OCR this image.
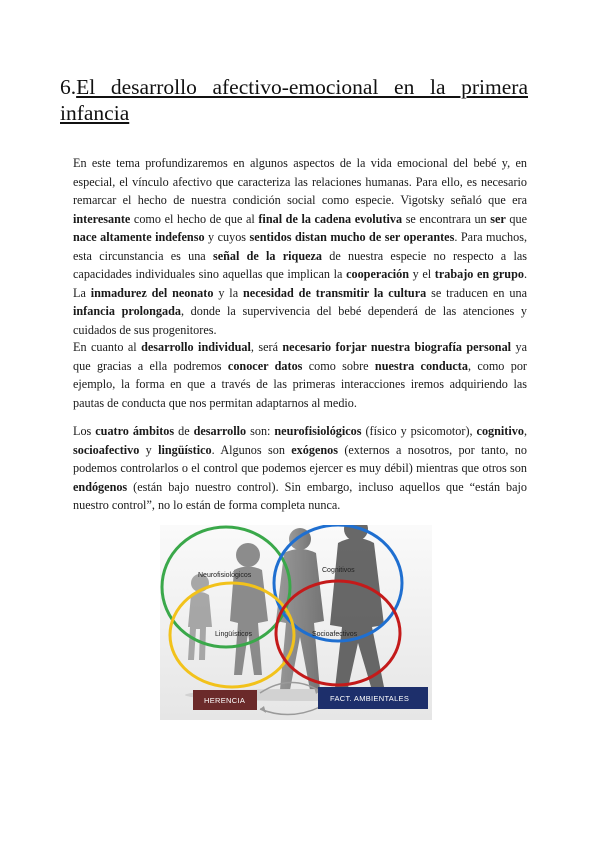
6.El desarrollo afectivo-emocional en la primera
infancia

En este tema profundizaremos en algunos aspectos de la vida emocional del bebé y, en especial, el vínculo afectivo que caracteriza las relaciones humanas. Para ello, es necesario remarcar el hecho de nuestra condición social como especie. Vigotsky señaló que era interesante como el hecho de que al final de la cadena evolutiva se encontrara un ser que nace altamente indefenso y cuyos sentidos distan mucho de ser operantes. Para muchos, esta circunstancia es una señal de la riqueza de nuestra especie no respecto a las capacidades individuales sino aquellas que implican la cooperación y el trabajo en grupo. La inmadurez del neonato y la necesidad de transmitir la cultura se traducen en una infancia prolongada, donde la supervivencia del bebé dependerá de las atenciones y cuidados de sus progenitores.

En cuanto al desarrollo individual, será necesario forjar nuestra biografía personal ya que gracias a ella podremos conocer datos como sobre nuestra conducta, como por ejemplo, la forma en que a través de las primeras interacciones iremos adquiriendo las pautas de conducta que nos permitan adaptarnos al medio.

Los cuatro ámbitos de desarrollo son: neurofisiológicos (físico y psicomotor), cognitivo, socioafectivo y lingüístico. Algunos son exógenos (externos a nosotros, por tanto, no podemos controlarlos o el control que podemos ejercer es muy débil) mientras que otros son endógenos (están bajo nuestro control). Sin embargo, incluso aquellos que “están bajo nuestro control”, no lo están de forma completa nunca.

Neurofisiológicos
Cognitivos
Lingüísticos	Socioafectivos
HERENCIA	FACT. AMBIENTALES
